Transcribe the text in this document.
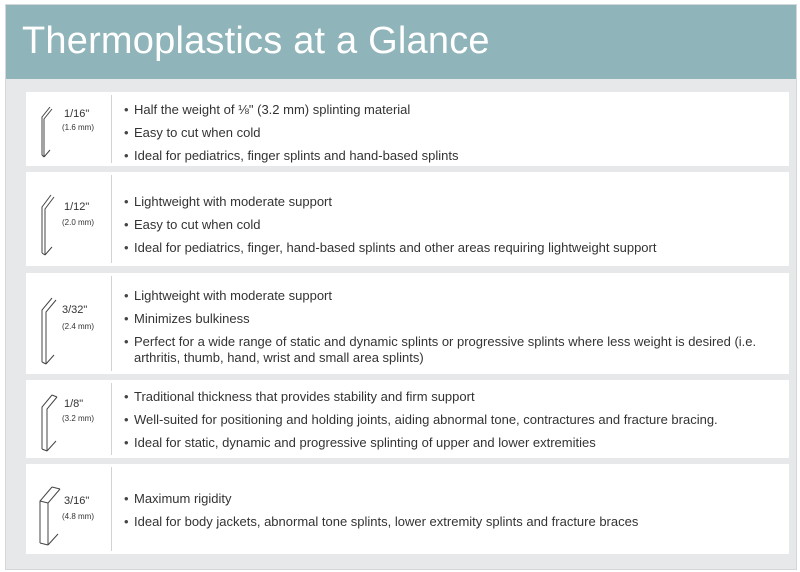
Thermoplastics at a Glance
1/16"
(1.6 mm)
• Half the weight of ⅛" (3.2 mm) splinting material
• Easy to cut when cold
• Ideal for pediatrics, finger splints and hand-based splints
1/12"
(2.0 mm)
• Lightweight with moderate support
• Easy to cut when cold
• Ideal for pediatrics, finger, hand-based splints and other areas requiring lightweight support
3/32"
(2.4 mm)
• Lightweight with moderate support
• Minimizes bulkiness
• Perfect for a wide range of static and dynamic splints or progressive splints where less weight is desired (i.e. arthritis, thumb, hand, wrist and small area splints)
1/8"
(3.2 mm)
• Traditional thickness that provides stability and firm support
• Well-suited for positioning and holding joints, aiding abnormal tone, contractures and fracture bracing.
• Ideal for static, dynamic and progressive splinting of upper and lower extremities
3/16"
(4.8 mm)
• Maximum rigidity
• Ideal for body jackets, abnormal tone splints, lower extremity splints and fracture braces
